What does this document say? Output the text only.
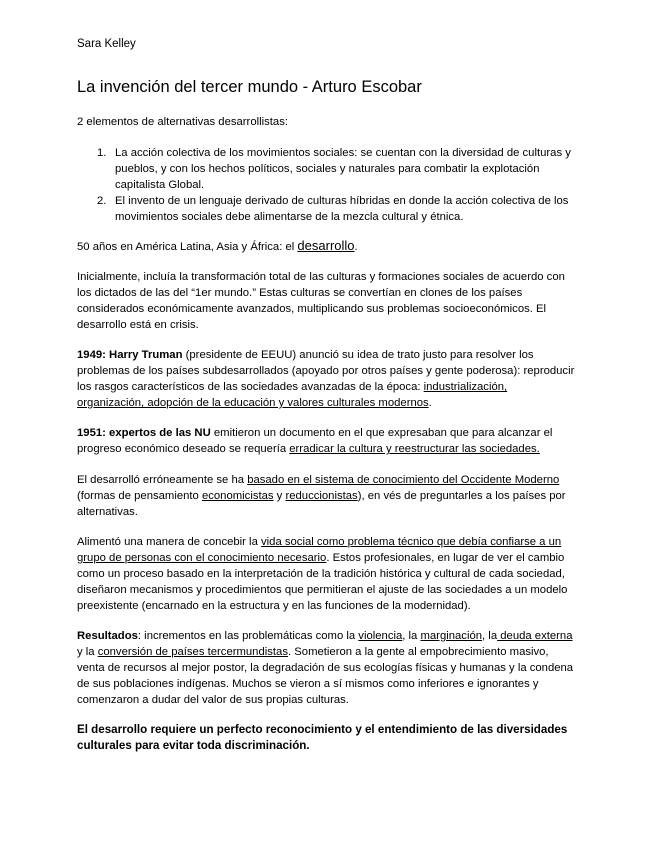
Sara Kelley
La invención del tercer mundo - Arturo Escobar

2 elementos de alternativas desarrollistas:

1. La acción colectiva de los movimientos sociales: se cuentan con la diversidad de culturas y pueblos, y con los hechos políticos, sociales y naturales para combatir la explotación capitalista Global.
2. El invento de un lenguaje derivado de culturas híbridas en donde la acción colectiva de los movimientos sociales debe alimentarse de la mezcla cultural y étnica.

50 años en América Latina, Asia y África: el desarrollo.

Inicialmente, incluía la transformación total de las culturas y formaciones sociales de acuerdo con los dictados de las del “1er mundo.” Estas culturas se convertían en clones de los países considerados económicamente avanzados, multiplicando sus problemas socioeconómicos. El desarrollo está en crisis.

1949: Harry Truman (presidente de EEUU) anunció su idea de trato justo para resolver los problemas de los países subdesarrollados (apoyado por otros países y gente poderosa): reproducir los rasgos característicos de las sociedades avanzadas de la época: industrialización, organización, adopción de la educación y valores culturales modernos.

1951: expertos de las NU emitieron un documento en el que expresaban que para alcanzar el progreso económico deseado se requería erradicar la cultura y reestructurar las sociedades.

El desarrolló erróneamente se ha basado en el sistema de conocimiento del Occidente Moderno (formas de pensamiento economicistas y reduccionistas), en vés de preguntarles a los países por alternativas.

Alimentó una manera de concebir la vida social como problema técnico que debía confiarse a un grupo de personas con el conocimiento necesario. Estos profesionales, en lugar de ver el cambio como un proceso basado en la interpretación de la tradición histórica y cultural de cada sociedad, diseñaron mecanismos y procedimientos que permitieran el ajuste de las sociedades a un modelo preexistente (encarnado en la estructura y en las funciones de la modernidad).

Resultados: incrementos en las problemáticas como la violencia, la marginación, la deuda externa y la conversión de países tercermundistas. Sometieron a la gente al empobrecimiento masivo, venta de recursos al mejor postor, la degradación de sus ecologías físicas y humanas y la condena de sus poblaciones indígenas. Muchos se vieron a sí mismos como inferiores e ignorantes y comenzaron a dudar del valor de sus propias culturas.

El desarrollo requiere un perfecto reconocimiento y el entendimiento de las diversidades culturales para evitar toda discriminación.
